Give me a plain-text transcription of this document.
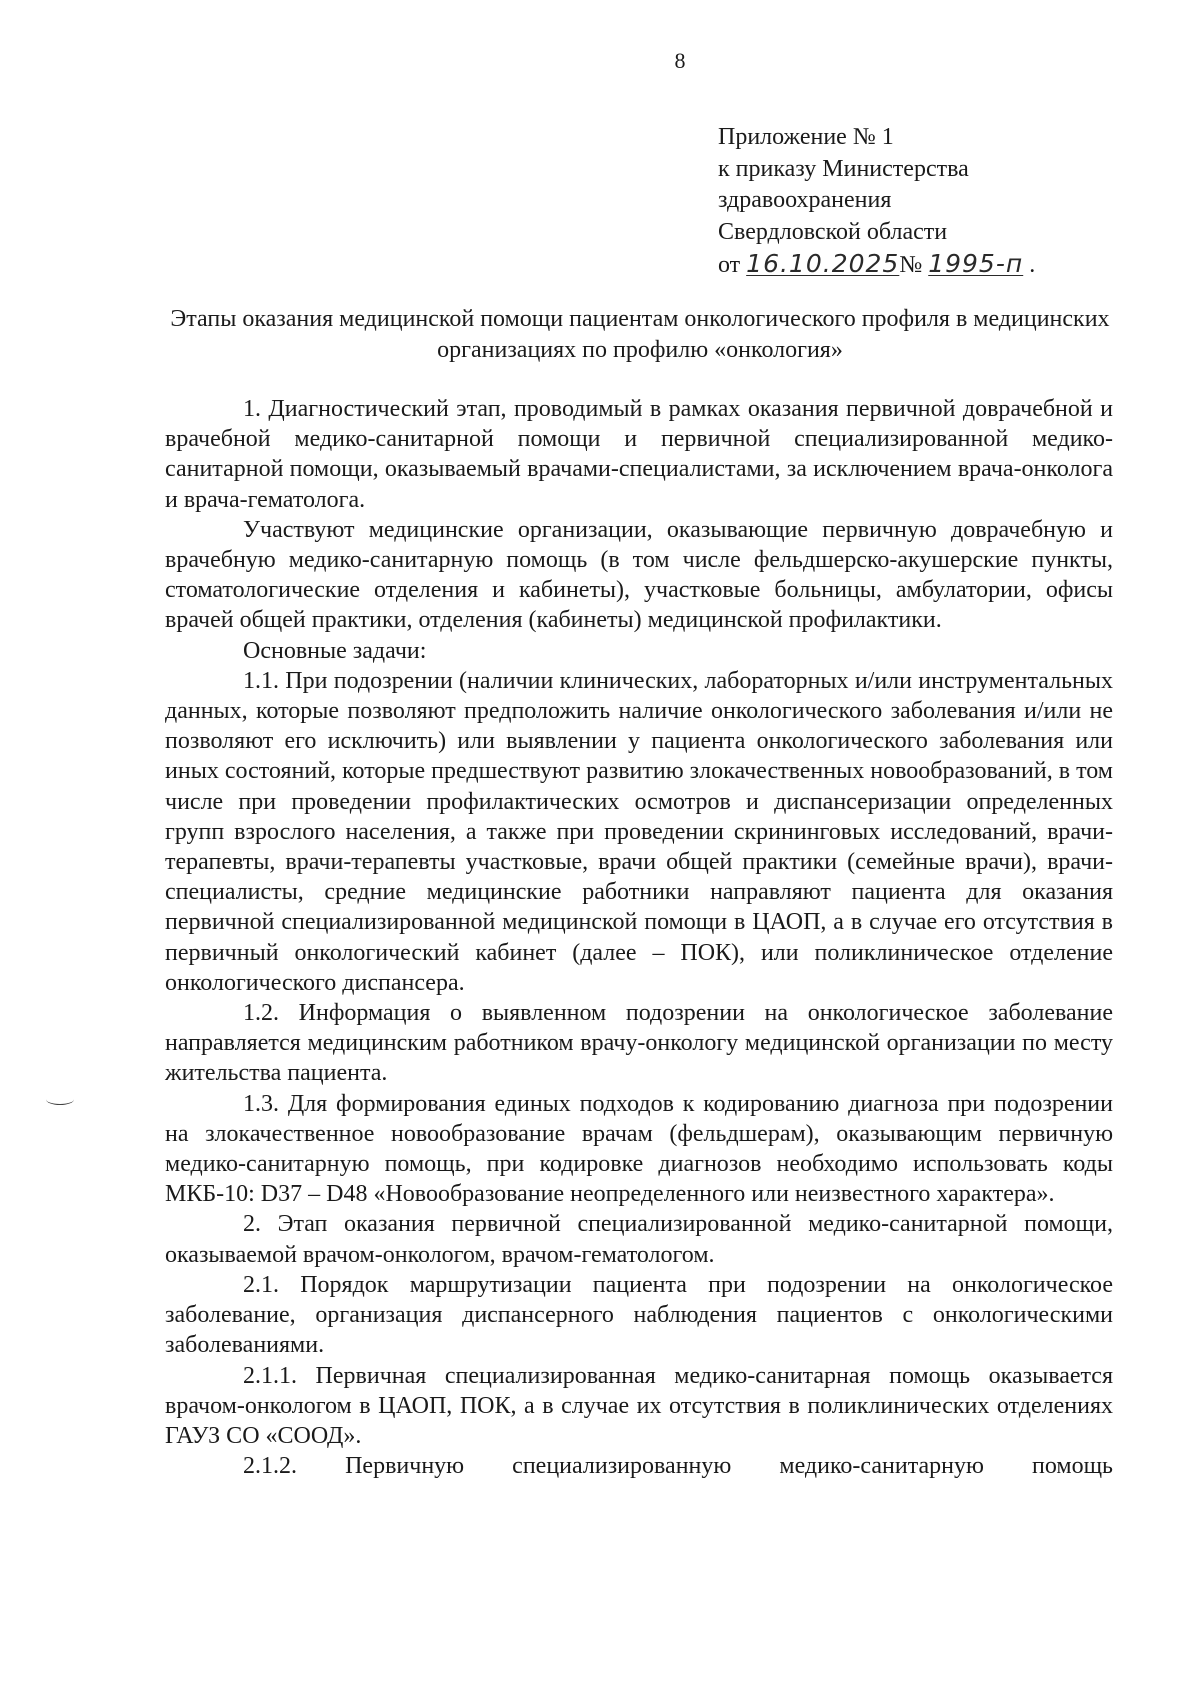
8
Приложение № 1
к приказу Министерства
здравоохранения
Свердловской области
от 16.10.2025№ 1995-п .
Этапы оказания медицинской помощи пациентам онкологического профиля в медицинских организациях по профилю «онкология»

1. Диагностический этап, проводимый в рамках оказания первичной доврачебной и врачебной медико-санитарной помощи и первичной специализированной медико-санитарной помощи, оказываемый врачами-специалистами, за исключением врача-онколога и врача-гематолога.

Участвуют медицинские организации, оказывающие первичную доврачебную и врачебную медико-санитарную помощь (в том числе фельдшерско-акушерские пункты, стоматологические отделения и кабинеты), участковые больницы, амбулатории, офисы врачей общей практики, отделения (кабинеты) медицинской профилактики.

Основные задачи:

1.1. При подозрении (наличии клинических, лабораторных и/или инструментальных данных, которые позволяют предположить наличие онкологического заболевания и/или не позволяют его исключить) или выявлении у пациента онкологического заболевания или иных состояний, которые предшествуют развитию злокачественных новообразований, в том числе при проведении профилактических осмотров и диспансеризации определенных групп взрослого населения, а также при проведении скрининговых исследований, врачи-терапевты, врачи-терапевты участковые, врачи общей практики (семейные врачи), врачи-специалисты, средние медицинские работники направляют пациента для оказания первичной специализированной медицинской помощи в ЦАОП, а в случае его отсутствия в первичный онкологический кабинет (далее – ПОК), или поликлиническое отделение онкологического диспансера.

1.2. Информация о выявленном подозрении на онкологическое заболевание направляется медицинским работником врачу-онкологу медицинской организации по месту жительства пациента.

1.3. Для формирования единых подходов к кодированию диагноза при подозрении на злокачественное новообразование врачам (фельдшерам), оказывающим первичную медико-санитарную помощь, при кодировке диагнозов необходимо использовать коды МКБ-10: D37 – D48 «Новообразование неопределенного или неизвестного характера».

2. Этап оказания первичной специализированной медико-санитарной помощи, оказываемой врачом-онкологом, врачом-гематологом.

2.1. Порядок маршрутизации пациента при подозрении на онкологическое заболевание, организация диспансерного наблюдения пациентов с онкологическими заболеваниями.

2.1.1. Первичная специализированная медико-санитарная помощь оказывается врачом-онкологом в ЦАОП, ПОК, а в случае их отсутствия в поликлинических отделениях ГАУЗ СО «СООД».

2.1.2. Первичную специализированную медико-санитарную помощь
